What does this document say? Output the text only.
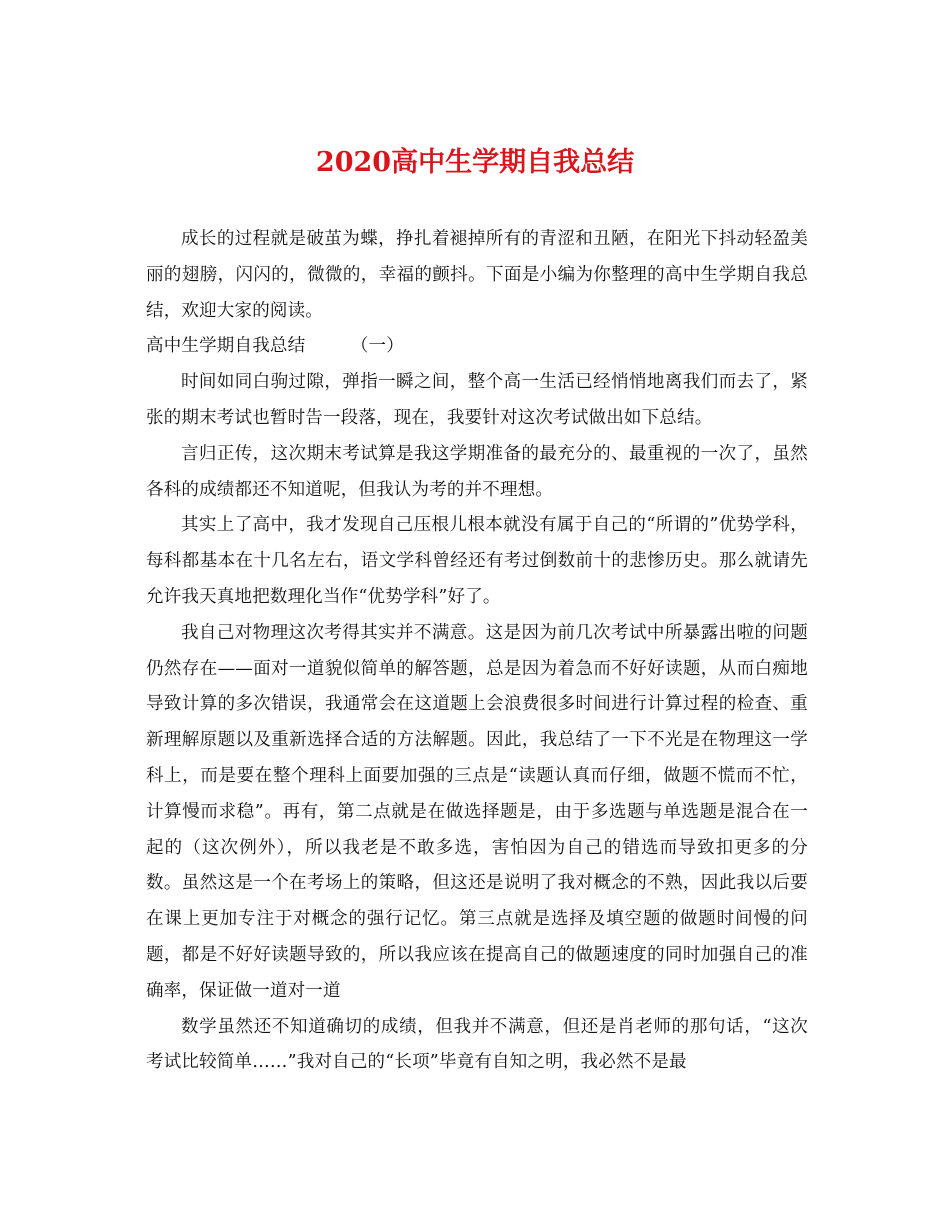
2020高中生学期自我总结

成长的过程就是破茧为蝶，挣扎着褪掉所有的青涩和丑陋，在阳光下抖动轻盈美丽的翅膀，闪闪的，微微的，幸福的颤抖。下面是小编为你整理的高中生学期自我总结，欢迎大家的阅读。

高中生学期自我总结	（一）

时间如同白驹过隙，弹指一瞬之间，整个高一生活已经悄悄地离我们而去了，紧张的期末考试也暂时告一段落，现在，我要针对这次考试做出如下总结。

言归正传，这次期末考试算是我这学期准备的最充分的、最重视的一次了，虽然各科的成绩都还不知道呢，但我认为考的并不理想。

其实上了高中，我才发现自己压根儿根本就没有属于自己的“所谓的”优势学科，每科都基本在十几名左右，语文学科曾经还有考过倒数前十的悲惨历史。那么就请先允许我天真地把数理化当作“优势学科”好了。

我自己对物理这次考得其实并不满意。这是因为前几次考试中所暴露出啦的问题仍然存在——面对一道貌似简单的解答题，总是因为着急而不好好读题，从而白痴地导致计算的多次错误，我通常会在这道题上会浪费很多时间进行计算过程的检查、重新理解原题以及重新选择合适的方法解题。因此，我总结了一下不光是在物理这一学科上，而是要在整个理科上面要加强的三点是“读题认真而仔细，做题不慌而不忙，计算慢而求稳”。再有，第二点就是在做选择题是，由于多选题与单选题是混合在一起的（这次例外），所以我老是不敢多选，害怕因为自己的错选而导致扣更多的分数。虽然这是一个在考场上的策略，但这还是说明了我对概念的不熟，因此我以后要在课上更加专注于对概念的强行记忆。第三点就是选择及填空题的做题时间慢的问题，都是不好好读题导致的，所以我应该在提高自己的做题速度的同时加强自己的准确率，保证做一道对一道

数学虽然还不知道确切的成绩，但我并不满意，但还是肖老师的那句话，“这次考试比较简单……”我对自己的“长项”毕竟有自知之明，我必然不是最
